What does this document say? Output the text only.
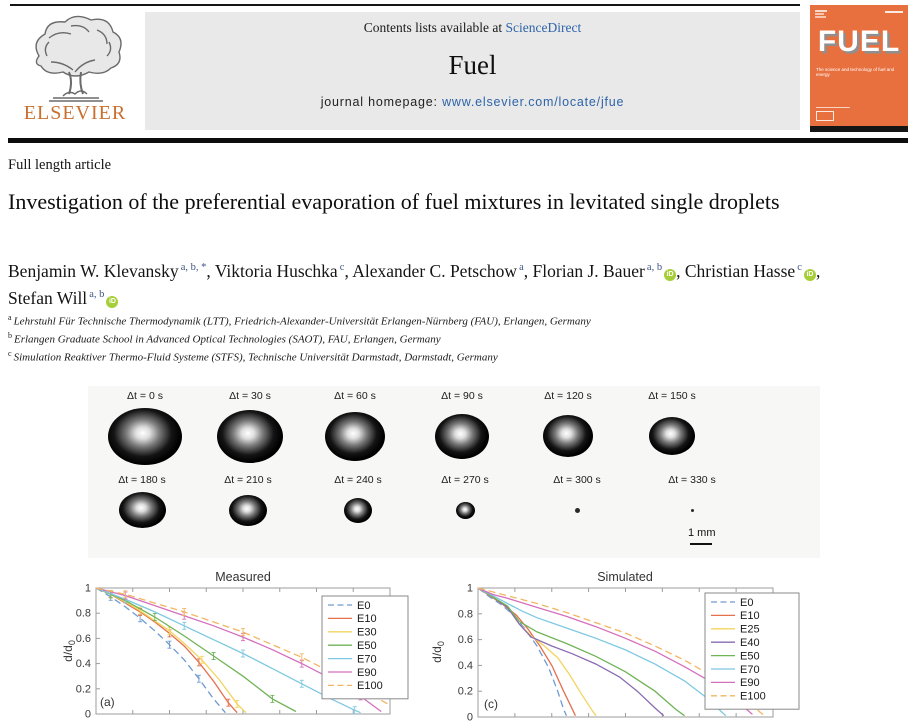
ELSEVIER
Contents lists available at ScienceDirect
Fuel
journal homepage: www.elsevier.com/locate/jfue
FUEL
The science and technology of fuel and energy
Full length article
Investigation of the preferential evaporation of fuel mixtures in levitated single droplets
Benjamin W. Klevansky $^{a, b, *}$, Viktoria Huschka $^c$, Alexander C. Petschow $^a$, Florian J. Bauer $^{a, b}$iD , Christian Hasse $^c$iD , Stefan Will $^{a, b}$iD
$^a$ Lehrstuhl Für Technische Thermodynamik (LTT), Friedrich-Alexander-Universität Erlangen-Nürnberg (FAU), Erlangen, Germany
$^b$ Erlangen Graduate School in Advanced Optical Technologies (SAOT), FAU, Erlangen, Germany
$^c$ Simulation Reaktiver Thermo-Fluid Systeme (STFS), Technische Universität Darmstadt, Darmstadt, Germany
1 mm
Δt = 0 s	Δt = 30 s	Δt = 60 s	Δt = 90 s	Δt = 120 s	Δt = 150 s
Δt = 180 s	Δt = 210 s	Δt = 240 s	Δt = 270 s	Δt = 300 s	Δt = 330 s
0
0.2
0.4
0.6
0.8
1
$d/d_0$
Measured
E0
E10
E30
E50
E70
E90
E100
(a)
0
0.2
0.4
0.6
0.8
1
$d/d_0$
Simulated
E0
E10
E25
E40
E50
E70
E90
E100
(c)
